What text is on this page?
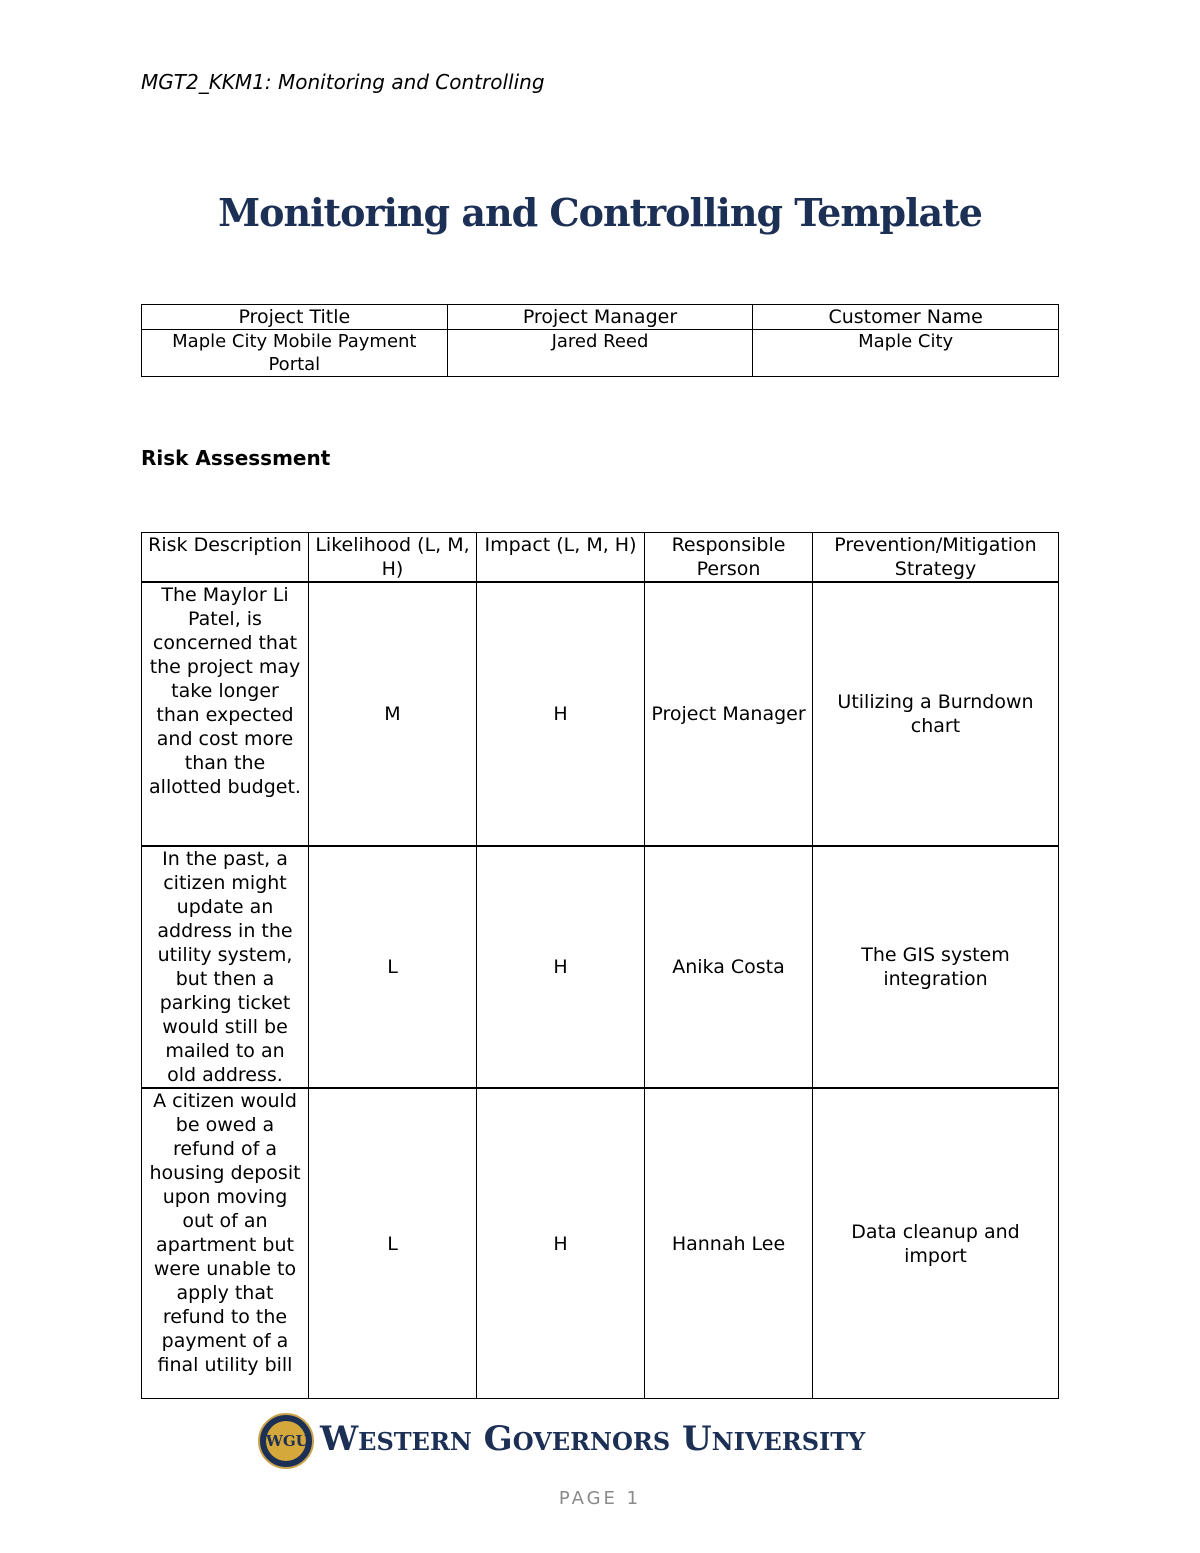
MGT2_KKM1: Monitoring and Controlling
Monitoring and Controlling Template
Project Title	Project Manager	Customer Name
Maple City Mobile Payment Portal	Jared Reed	Maple City
Risk Assessment
Risk Description	Likelihood (L, M, H)	Impact (L, M, H)	Responsible Person	Prevention/Mitigation Strategy
The Maylor Li Patel, is concerned that the project may take longer than expected and cost more than the allotted budget.	M	H	Project Manager	Utilizing a Burndown chart
In the past, a citizen might update an address in the utility system, but then a parking ticket would still be mailed to an old address.	L	H	Anika Costa	The GIS system integration
A citizen would be owed a refund of a housing deposit upon moving out of an apartment but were unable to apply that refund to the payment of a final utility bill	L	H	Hannah Lee	Data cleanup and import
WGU Western Governors University
PAGE 1
